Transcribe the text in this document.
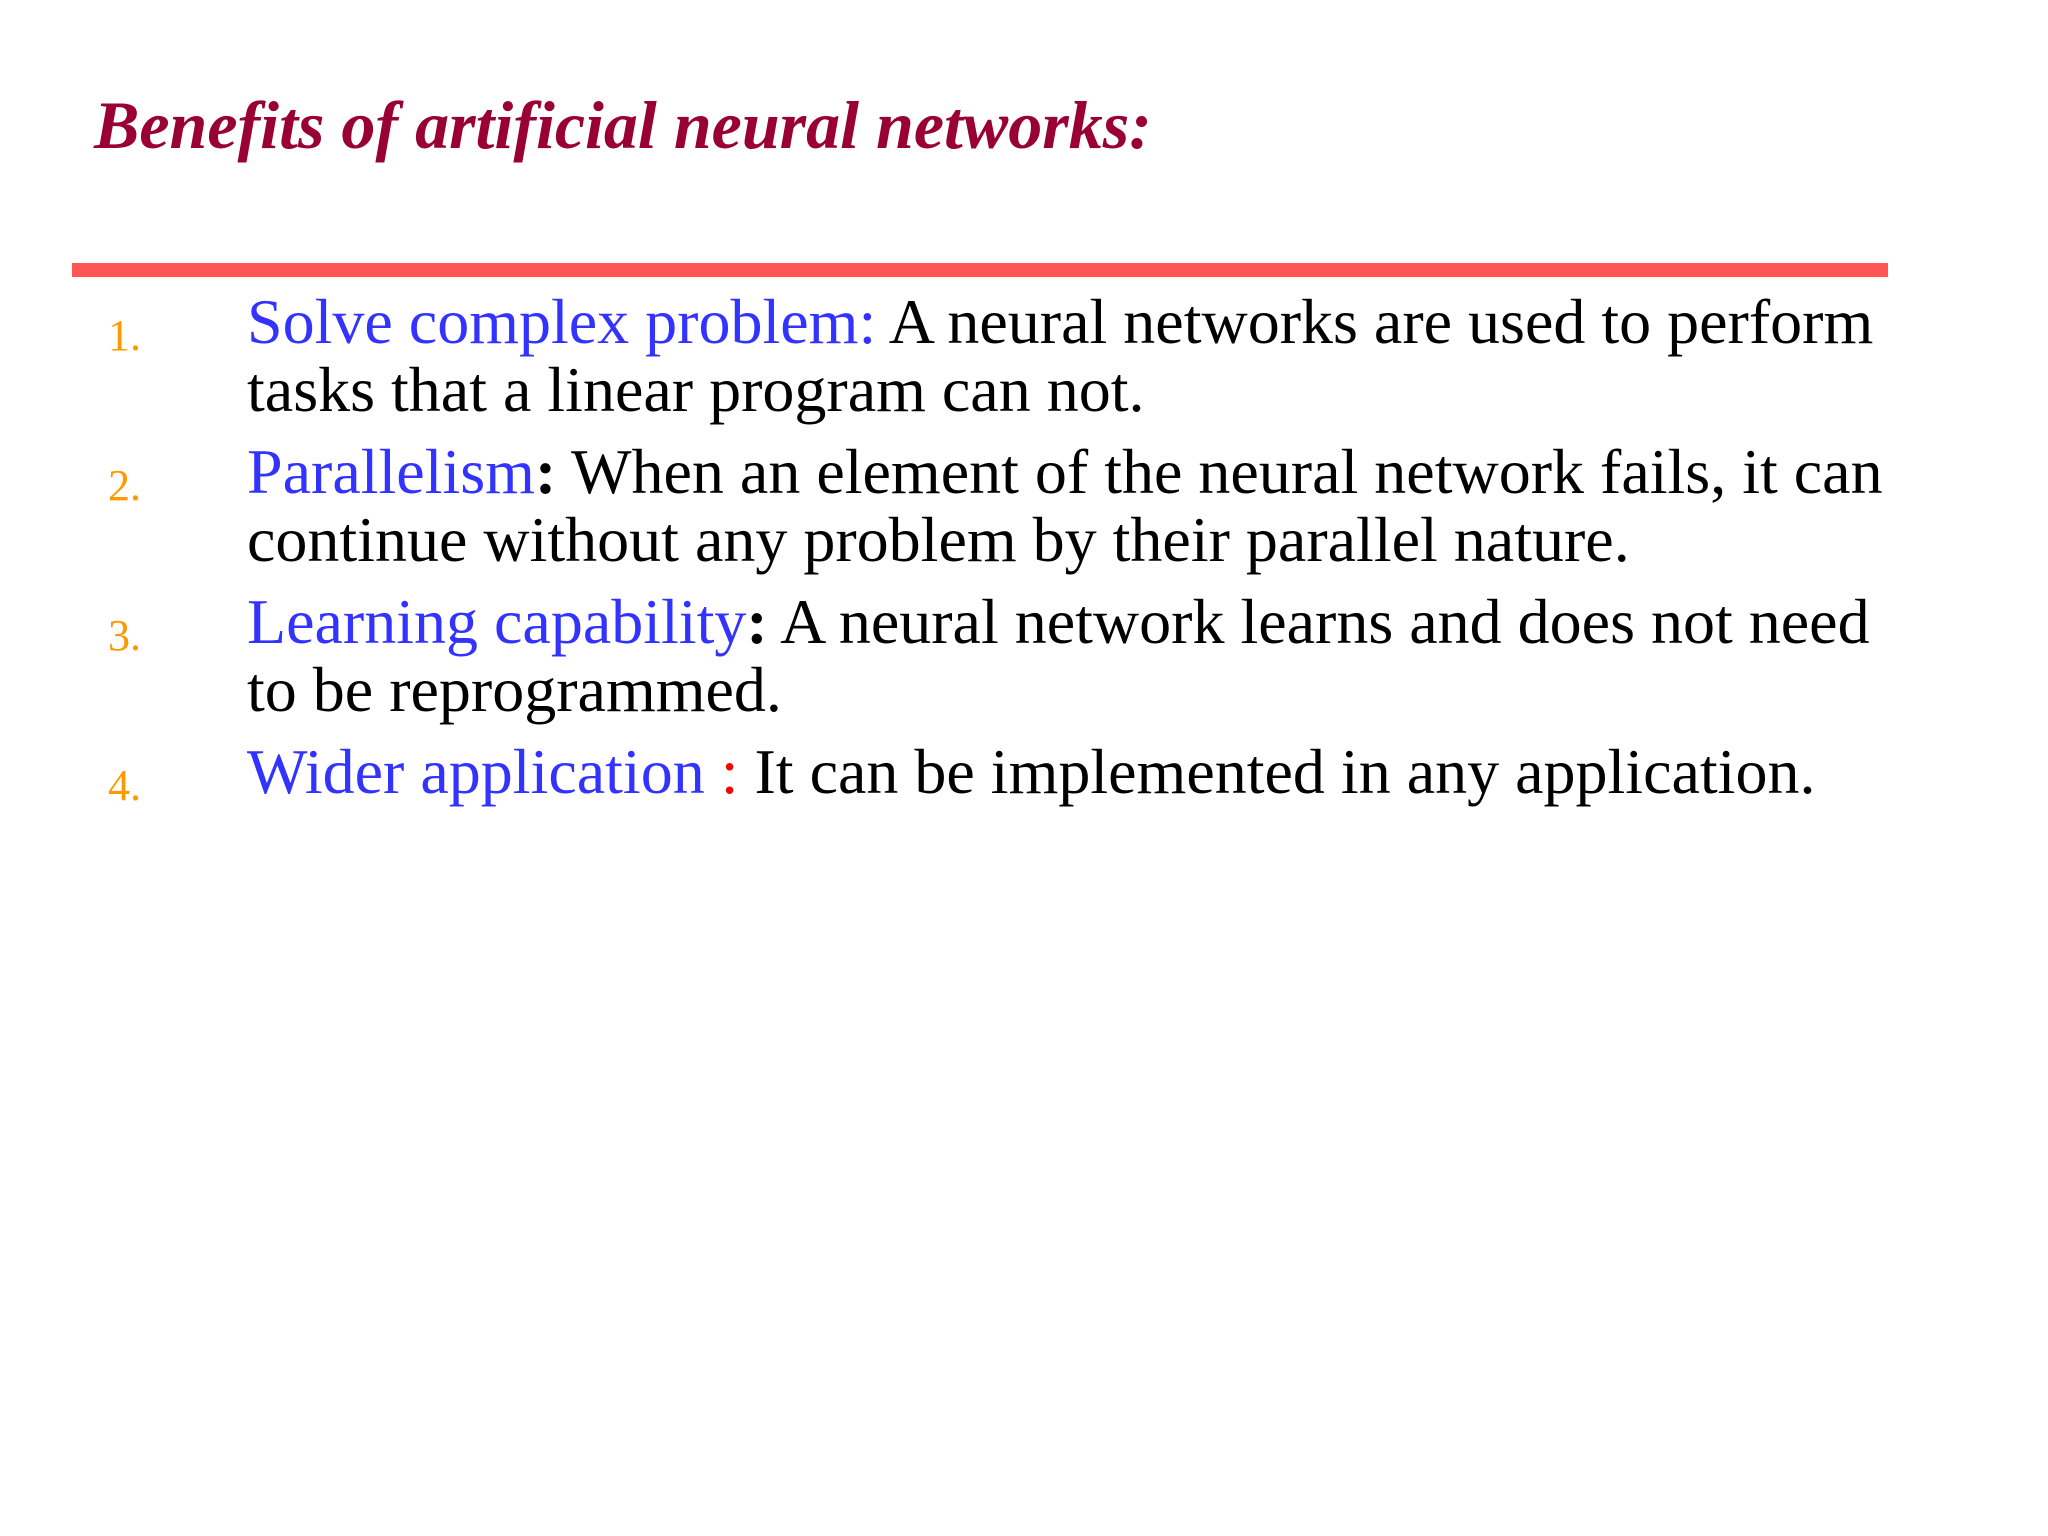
Benefits of artificial neural networks:
1. Solve complex problem: A neural networks are used to perform tasks that a linear program can not.
2. Parallelism: When an element of the neural network fails, it can continue without any problem by their parallel nature.
3. Learning capability: A neural network learns and does not need to be reprogrammed.
4. Wider application : It can be implemented in any application.
